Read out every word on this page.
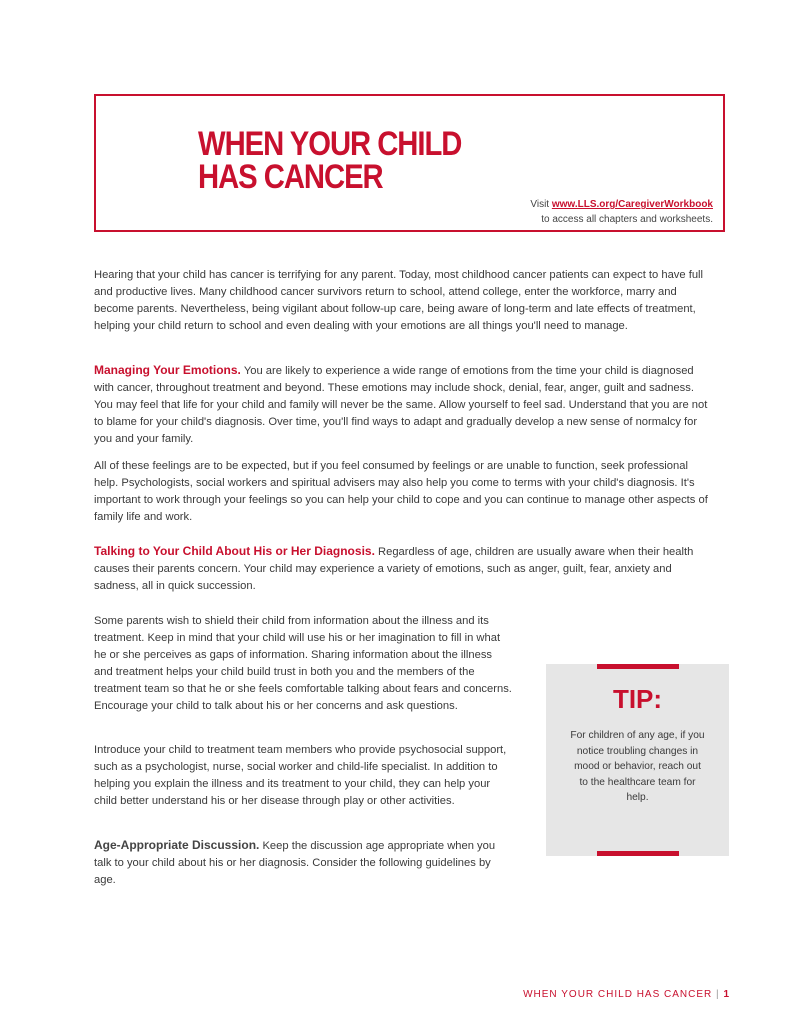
WHEN YOUR CHILD
HAS CANCER
Visit www.LLS.org/CaregiverWorkbook
to access all chapters and worksheets.

Hearing that your child has cancer is terrifying for any parent. Today, most childhood cancer patients can expect to have full and productive lives. Many childhood cancer survivors return to school, attend college, enter the workforce, marry and become parents. Nevertheless, being vigilant about follow-up care, being aware of long-term and late effects of treatment, helping your child return to school and even dealing with your emotions are all things you'll need to manage.

Managing Your Emotions. You are likely to experience a wide range of emotions from the time your child is diagnosed with cancer, throughout treatment and beyond. These emotions may include shock, denial, fear, anger, guilt and sadness. You may feel that life for your child and family will never be the same. Allow yourself to feel sad. Understand that you are not to blame for your child's diagnosis. Over time, you'll find ways to adapt and gradually develop a new sense of normalcy for you and your family.

All of these feelings are to be expected, but if you feel consumed by feelings or are unable to function, seek professional help. Psychologists, social workers and spiritual advisers may also help you come to terms with your child's diagnosis. It's important to work through your feelings so you can help your child to cope and you can continue to manage other aspects of family life and work.

Talking to Your Child About His or Her Diagnosis. Regardless of age, children are usually aware when their health causes their parents concern. Your child may experience a variety of emotions, such as anger, guilt, fear, anxiety and sadness, all in quick succession.

Some parents wish to shield their child from information about the illness and its treatment. Keep in mind that your child will use his or her imagination to fill in what he or she perceives as gaps of information. Sharing information about the illness and treatment helps your child build trust in both you and the members of the treatment team so that he or she feels comfortable talking about fears and concerns. Encourage your child to talk about his or her concerns and ask questions.

Introduce your child to treatment team members who provide psychosocial support, such as a psychologist, nurse, social worker and child-life specialist. In addition to helping you explain the illness and its treatment to your child, they can help your child better understand his or her disease through play or other activities.

Age-Appropriate Discussion. Keep the discussion age appropriate when you talk to your child about his or her diagnosis. Consider the following guidelines by age.

TIP:

For children of any age, if you notice troubling changes in mood or behavior, reach out to the healthcare team for help.

WHEN YOUR CHILD HAS CANCER | 1
